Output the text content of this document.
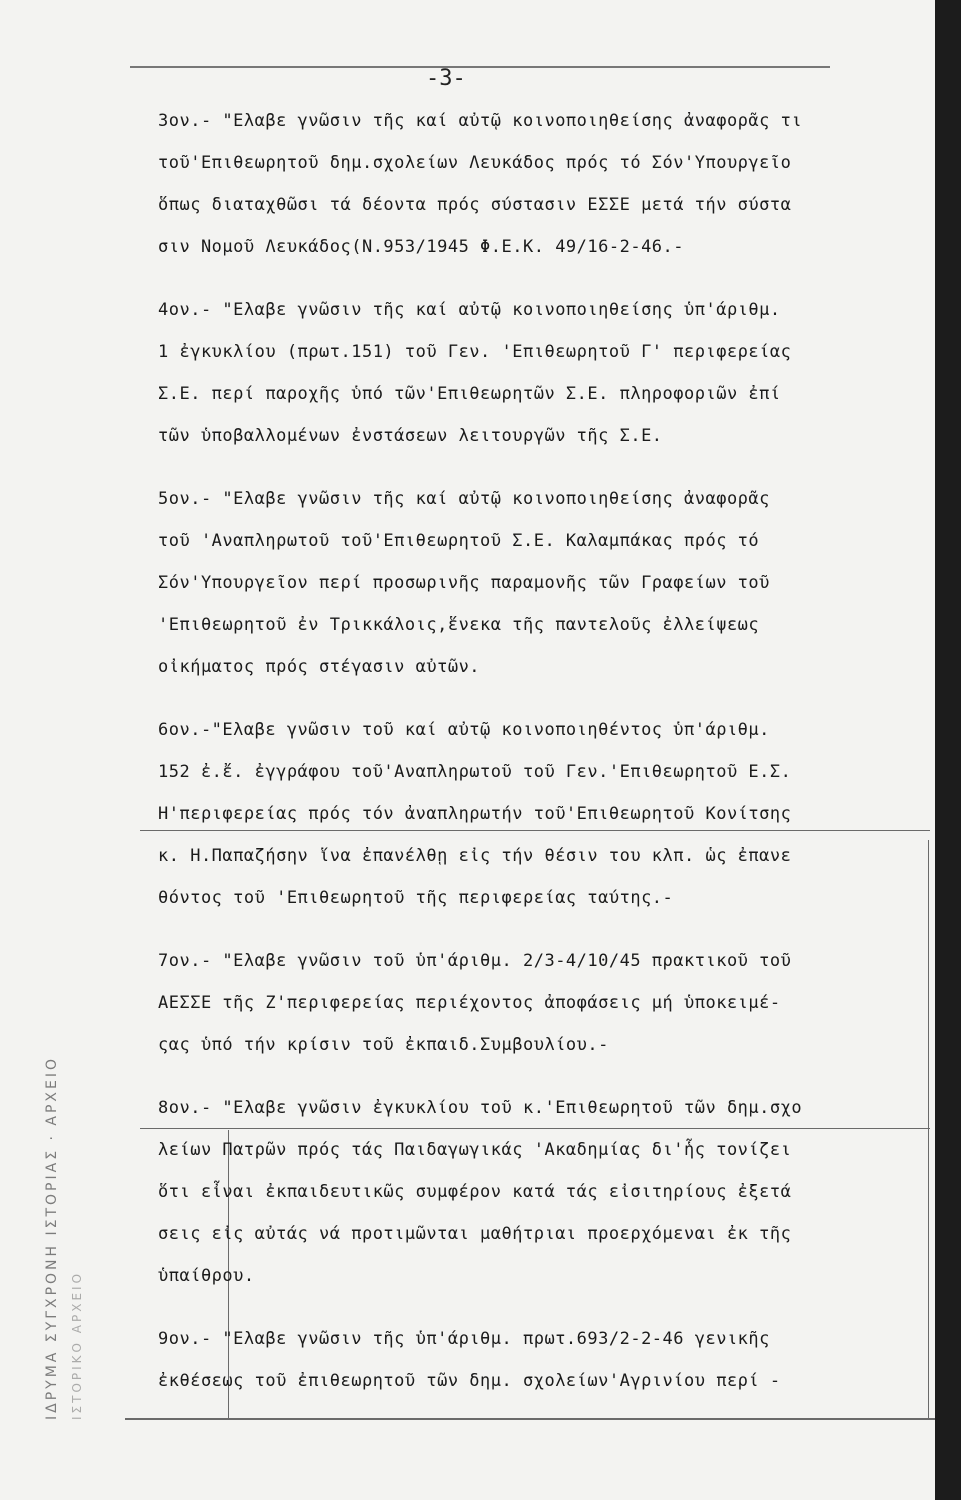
ΙΔΡΥΜΑ ΣΥΓΧΡΟΝΗ ΙΣΤΟΡΙΑΣ · ΑΡΧΕΙΟ ΙΣΤΟΡΙΚΟ ΑΡΧΕΙΟ
-3-
3ον.- "Ελαβε γνῶσιν τῆς καί αὐτῷ κοινοποιηθείσης ἀναφορᾶς τι
τοῦ'Επιθεωρητοῦ δημ.σχολείων Λευκάδος πρός τό Σόν'Υπουργεῖο
ὅπως διαταχθῶσι τά δέοντα πρός σύστασιν ΕΣΣΕ μετά τήν σύστα
σιν Νομοῦ Λευκάδος(Ν.953/1945 Φ.Ε.Κ. 49/16-2-46.-
4ον.- "Ελαβε γνῶσιν τῆς καί αὐτῷ κοινοποιηθείσης ὑπ'άριθμ.
1 ἐγκυκλίου (πρωτ.151) τοῦ Γεν. 'Επιθεωρητοῦ Γ' περιφερείας
Σ.Ε. περί παροχῆς ὑπό τῶν'Επιθεωρητῶν Σ.Ε. πληροφοριῶν ἐπί
τῶν ὑποβαλλομένων ἐνστάσεων λειτουργῶν τῆς Σ.Ε.
5ον.- "Ελαβε γνῶσιν τῆς καί αὐτῷ κοινοποιηθείσης ἀναφορᾶς
τοῦ 'Αναπληρωτοῦ τοῦ'Επιθεωρητοῦ Σ.Ε. Καλαμπάκας πρός τό
Σόν'Υπουργεῖον περί προσωρινῆς παραμονῆς τῶν Γραφείων τοῦ
'Επιθεωρητοῦ ἐν Τρικκάλοις,ἕνεκα τῆς παντελοῦς ἐλλείψεως
οἰκήματος πρός στέγασιν αὐτῶν.
6ον.-"Ελαβε γνῶσιν τοῦ καί αὐτῷ κοινοποιηθέντος ὑπ'άριθμ.
152 ἐ.ἔ. ἐγγράφου τοῦ'Αναπληρωτοῦ τοῦ Γεν.'Επιθεωρητοῦ Ε.Σ.
Η'περιφερείας πρός τόν ἀναπληρωτήν τοῦ'Επιθεωρητοῦ Κονίτσης
κ. Η.Παπαζήσην ἵνα ἐπανέλθῃ εἰς τήν θέσιν του κλπ. ὡς ἐπανε
θόντος τοῦ 'Επιθεωρητοῦ τῆς περιφερείας ταύτης.-
7ον.- "Ελαβε γνῶσιν τοῦ ὑπ'άριθμ. 2/3-4/10/45 πρακτικοῦ τοῦ
ΑΕΣΣΕ τῆς Ζ'περιφερείας περιέχοντος ἀποφάσεις μή ὑποκειμέ-
ςας ὑπό τήν κρίσιν τοῦ ἐκπαιδ.Συμβουλίου.-
8ον.- "Ελαβε γνῶσιν ἐγκυκλίου τοῦ κ.'Επιθεωρητοῦ τῶν δημ.σχο
λείων Πατρῶν πρός τάς Παιδαγωγικάς 'Ακαδημίας δι'ἧς τονίζει
ὅτι εἶναι ἐκπαιδευτικῶς συμφέρον κατά τάς εἰσιτηρίους ἐξετά
σεις εἰς αὐτάς νά προτιμῶνται μαθήτριαι προερχόμεναι ἐκ τῆς
ὑπαίθρου.
9ον.- "Ελαβε γνῶσιν τῆς ὑπ'άριθμ. πρωτ.693/2-2-46 γενικῆς
ἐκθέσεως τοῦ ἐπιθεωρητοῦ τῶν δημ. σχολείων'Αγρινίου περί -
